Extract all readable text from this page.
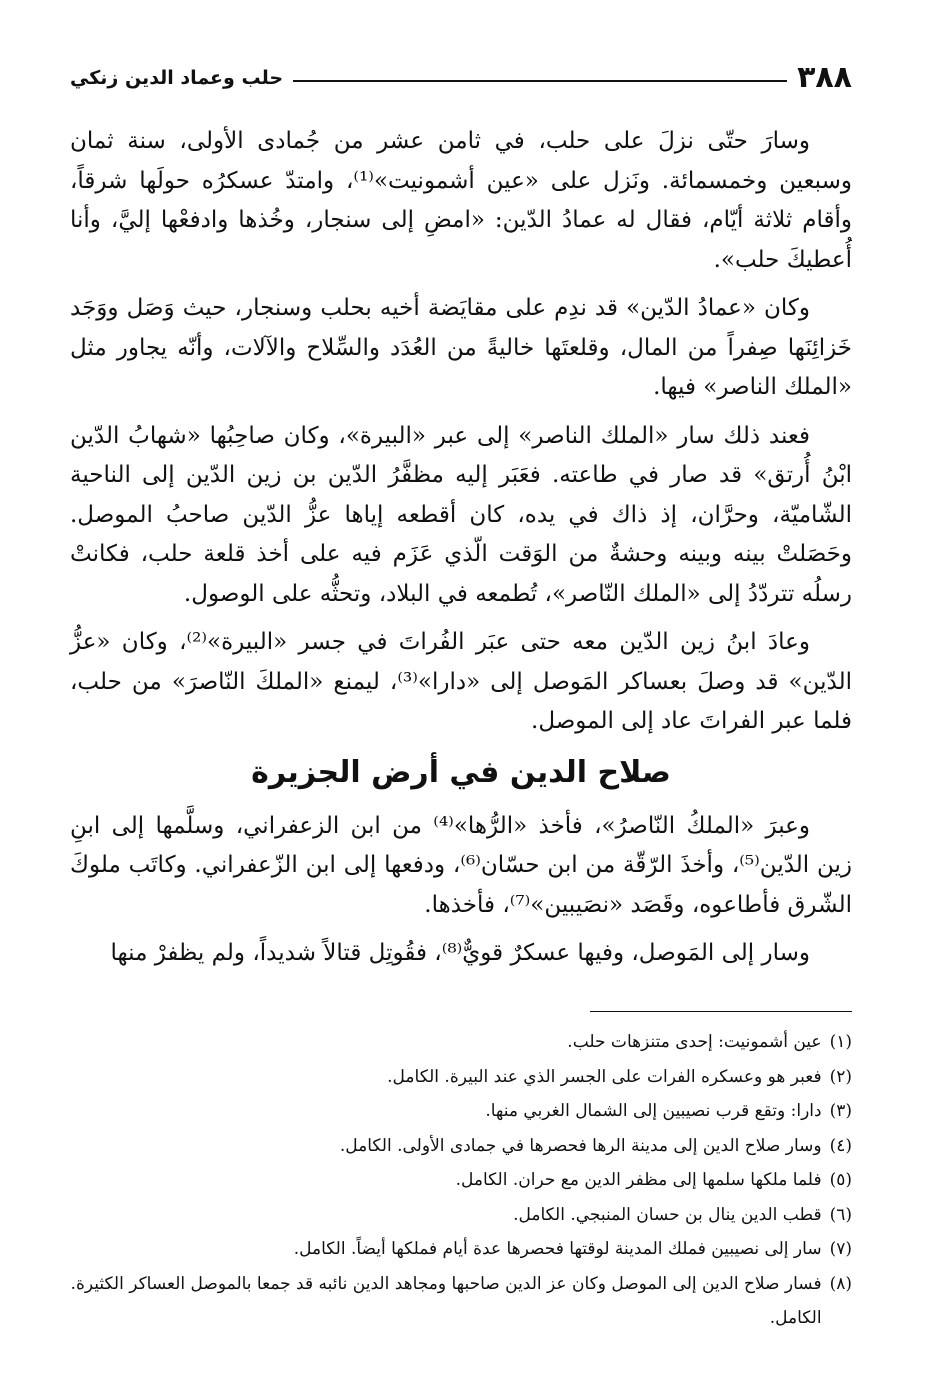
٣٨٨
حلب وعماد الدين زنكي

وسارَ حتّى نزلَ على حلب، في ثامن عشر من جُمادى الأولى، سنة ثمان وسبعين وخمسمائة. ونَزل على «عين أشمونيت»⁽¹⁾، وامتدّ عسكرُه حولَها شرقاً، وأقام ثلاثة أيّام، فقال له عمادُ الدّين: «امضِ إلى سنجار، وخُذها وادفعْها إليَّ، وأنا أُعطيكَ حلب».

وكان «عمادُ الدّين» قد ندِم على مقايَضة أخيه بحلب وسنجار، حيث وَصَل ووَجَد خَزائِنَها صِفراً من المال، وقلعتَها خاليةً من العُدَد والسِّلاح والآلات، وأنّه يجاور مثل «الملك الناصر» فيها.

فعند ذلك سار «الملك الناصر» إلى عبر «البيرة»، وكان صاحِبُها «شهابُ الدّين ابْنُ أُرتق» قد صار في طاعته. فعَبَر إليه مظفَّرُ الدّين بن زين الدّين إلى الناحية الشّاميّة، وحرَّان، إذ ذاك في يده، كان أقطعه إياها عزُّ الدّين صاحبُ الموصل. وحَصَلتْ بينه وبينه وحشةٌ من الوَقت الّذي عَزَم فيه على أخذ قلعة حلب، فكانتْ رسلُه تتردّدُ إلى «الملك النّاصر»، تُطمعه في البلاد، وتحثُّه على الوصول.

وعادَ ابنُ زين الدّين معه حتى عبَر الفُراتَ في جسر «البيرة»⁽²⁾، وكان «عزُّ الدّين» قد وصلَ بعساكر المَوصل إلى «دارا»⁽³⁾، ليمنع «الملكَ النّاصرَ» من حلب، فلما عبر الفراتَ عاد إلى الموصل.

صلاح الدين في أرض الجزيرة

وعبرَ «الملكُ النّاصرُ»، فأخذ «الرُّها»⁽⁴⁾ من ابن الزعفراني، وسلَّمها إلى ابنِ زين الدّين⁽⁵⁾، وأخذَ الرّقّة من ابن حسّان⁽⁶⁾، ودفعها إلى ابن الزّعفراني. وكاتَب ملوكَ الشّرق فأطاعوه، وقَصَد «نصَيبين»⁽⁷⁾، فأخذها.

وسار إلى المَوصل، وفيها عسكرٌ قويٌّ⁽⁸⁾، فقُوتِل قتالاً شديداً، ولم يظفرْ منها

(١)
عين أشمونيت: إحدى متنزهات حلب.
(٢)
فعبر هو وعسكره الفرات على الجسر الذي عند البيرة. الكامل.
(٣)
دارا: وتقع قرب نصيبين إلى الشمال الغربي منها.
(٤)
وسار صلاح الدين إلى مدينة الرها فحصرها في جمادى الأولى. الكامل.
(٥)
فلما ملكها سلمها إلى مظفر الدين مع حران. الكامل.
(٦)
قطب الدين ينال بن حسان المنبجي. الكامل.
(٧)
سار إلى نصيبين فملك المدينة لوقتها فحصرها عدة أيام فملكها أيضاً. الكامل.
(٨)
فسار صلاح الدين إلى الموصل وكان عز الدين صاحبها ومجاهد الدين نائبه قد جمعا بالموصل العساكر الكثيرة. الكامل.
